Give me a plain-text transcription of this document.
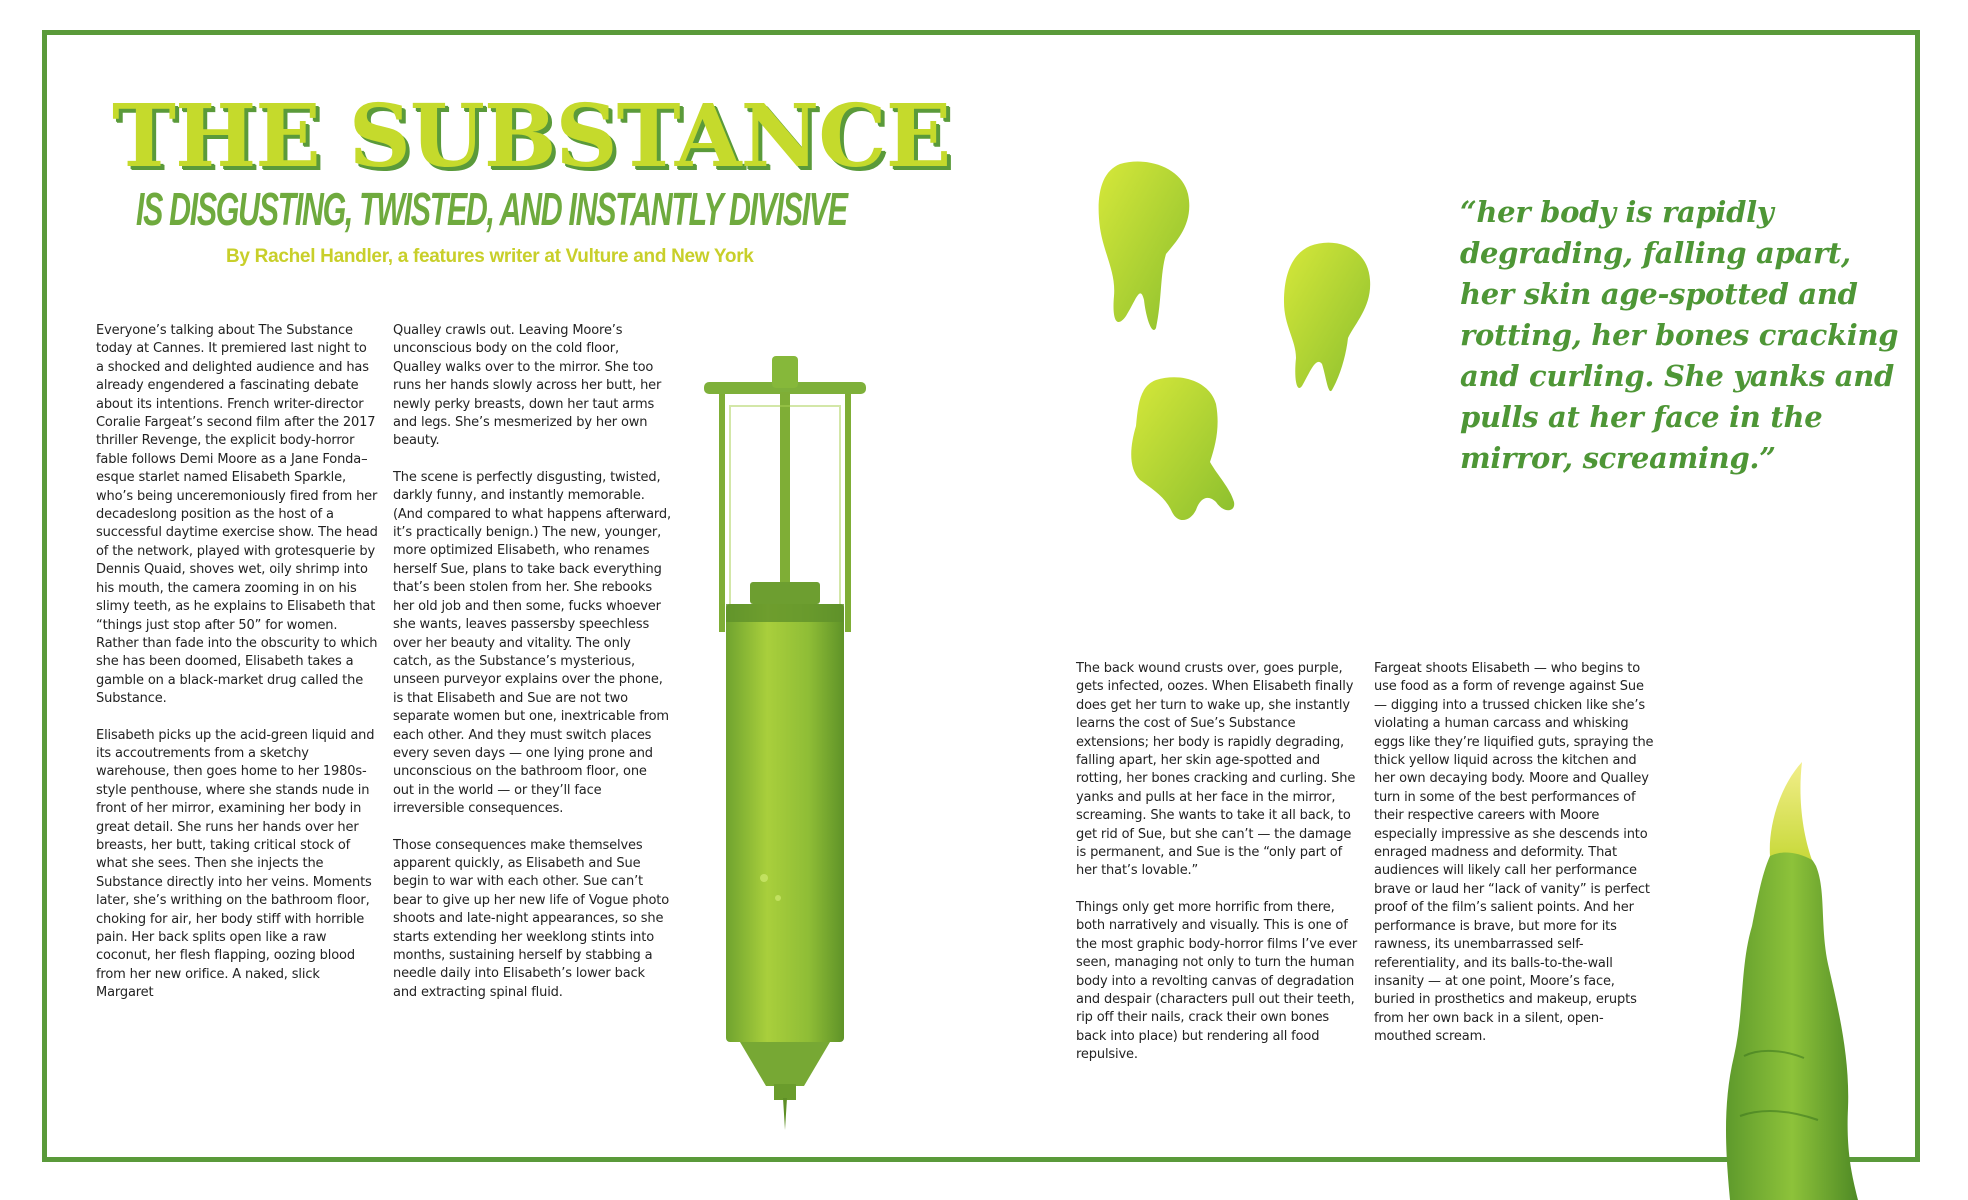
THE SUBSTANCE
IS DISGUSTING, TWISTED, AND INSTANTLY DIVISIVE

By Rachel Handler, a features writer at Vulture and New York

Everyone’s talking about The Substance today at Cannes. It premiered last night to a shocked and delighted audience and has already engendered a fascinating debate about its intentions. French writer-director Coralie Fargeat’s second film after the 2017 thriller Revenge, the explicit body-horror fable follows Demi Moore as a Jane Fonda–esque starlet named Elisabeth Sparkle, who’s being unceremoniously fired from her decadeslong position as the host of a successful daytime exercise show. The head of the network, played with grotesquerie by Dennis Quaid, shoves wet, oily shrimp into his mouth, the camera zooming in on his slimy teeth, as he explains to Elisabeth that “things just stop after 50” for women. Rather than fade into the obscurity to which she has been doomed, Elisabeth takes a gamble on a black-market drug called the Substance.

Elisabeth picks up the acid-green liquid and its accoutrements from a sketchy warehouse, then goes home to her 1980s-style penthouse, where she stands nude in front of her mirror, examining her body in great detail. She runs her hands over her breasts, her butt, taking critical stock of what she sees. Then she injects the Substance directly into her veins. Moments later, she’s writhing on the bathroom floor, choking for air, her body stiff with horrible pain. Her back splits open like a raw coconut, her flesh flapping, oozing blood from her new orifice. A naked, slick Margaret

Qualley crawls out. Leaving Moore’s unconscious body on the cold floor, Qualley walks over to the mirror. She too runs her hands slowly across her butt, her newly perky breasts, down her taut arms and legs. She’s mesmerized by her own beauty.

The scene is perfectly disgusting, twisted, darkly funny, and instantly memorable. (And compared to what happens afterward, it’s practically benign.) The new, younger, more optimized Elisabeth, who renames herself Sue, plans to take back everything that’s been stolen from her. She rebooks her old job and then some, fucks whoever she wants, leaves passersby speechless over her beauty and vitality. The only catch, as the Substance’s mysterious, unseen purveyor explains over the phone, is that Elisabeth and Sue are not two separate women but one, inextricable from each other. And they must switch places every seven days — one lying prone and unconscious on the bathroom floor, one out in the world — or they’ll face irreversible consequences.

Those consequences make themselves apparent quickly, as Elisabeth and Sue begin to war with each other. Sue can’t bear to give up her new life of Vogue photo shoots and late-night appearances, so she starts extending her weeklong stints into months, sustaining herself by stabbing a needle daily into Elisabeth’s lower back and extracting spinal fluid.

The back wound crusts over, goes purple, gets infected, oozes. When Elisabeth finally does get her turn to wake up, she instantly learns the cost of Sue’s Substance extensions; her body is rapidly degrading, falling apart, her skin age-spotted and rotting, her bones cracking and curling. She yanks and pulls at her face in the mirror, screaming. She wants to take it all back, to get rid of Sue, but she can’t — the damage is permanent, and Sue is the “only part of her that’s lovable.”

Things only get more horrific from there, both narratively and visually. This is one of the most graphic body-horror films I’ve ever seen, managing not only to turn the human body into a revolting canvas of degradation and despair (characters pull out their teeth, rip off their nails, crack their own bones back into place) but rendering all food repulsive.

Fargeat shoots Elisabeth — who begins to use food as a form of revenge against Sue — digging into a trussed chicken like she’s violating a human carcass and whisking eggs like they’re liquified guts, spraying the thick yellow liquid across the kitchen and her own decaying body. Moore and Qualley turn in some of the best performances of their respective careers with Moore especially impressive as she descends into enraged madness and deformity. That audiences will likely call her performance brave or laud her “lack of vanity” is perfect proof of the film’s salient points. And her performance is brave, but more for its rawness, its unembarrassed self-referentiality, and its balls-to-the-wall insanity — at one point, Moore’s face, buried in prosthetics and makeup, erupts from her own back in a silent, open-mouthed scream.

“her body is rapidly degrading, falling apart, her skin age-spotted and rotting, her bones cracking and curling. She yanks and pulls at her face in the mirror, screaming.”
